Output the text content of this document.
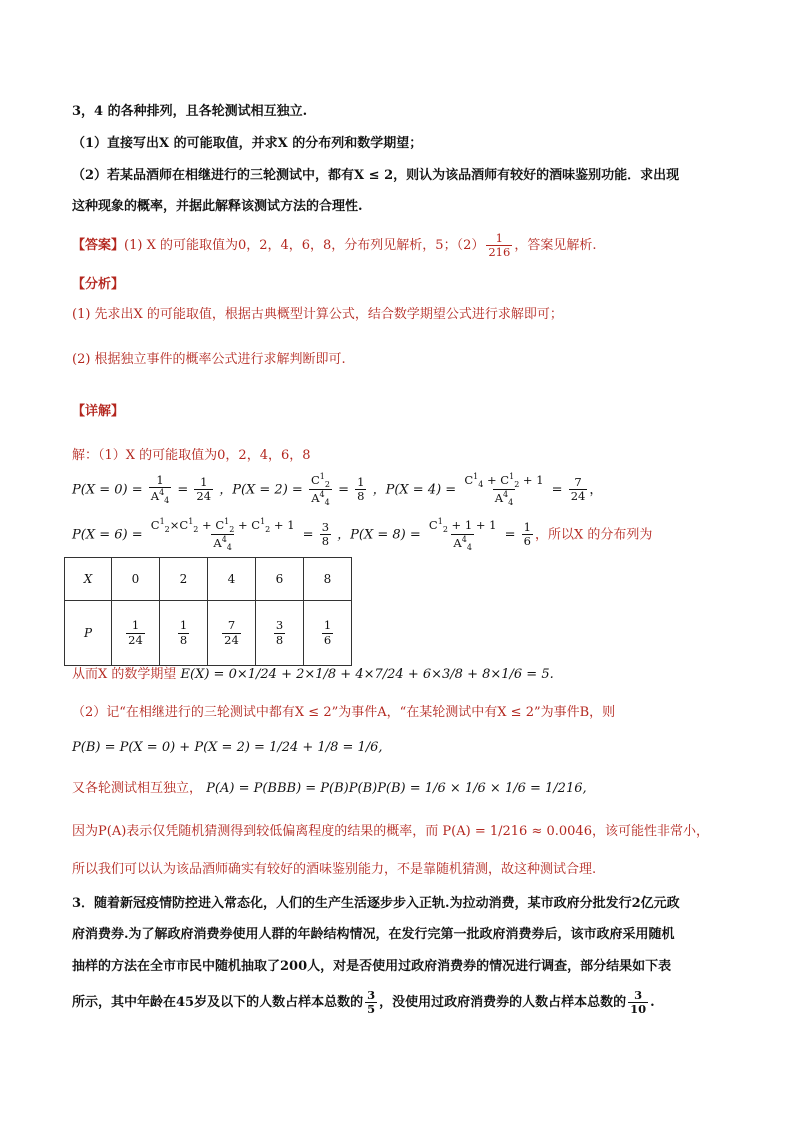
3，4 的各种排列，且各轮测试相互独立.
（1）直接写出X 的可能取值，并求X 的分布列和数学期望；
（2）若某品酒师在相继进行的三轮测试中，都有X ≤ 2，则认为该品酒师有较好的酒味鉴别功能．求出现
这种现象的概率，并据此解释该测试方法的合理性.
【答案】(1) X 的可能取值为0，2，4，6，8，分布列见解析，5；$(2) \frac{1}{216}$ ，答案见解析.
【分析】
(1) 先求出X 的可能取值，根据古典概型计算公式，结合数学期望公式进行求解即可；
(2) 根据独立事件的概率公式进行求解判断即可.
【详解】
解：（1）X 的可能取值为0，2，4，6，8
$P(X = 0) = \frac{1}{A^4_4} = \frac{1}{24}$ ，$P(X = 2) = \frac{C^1_2}{A^4_4} = \frac{1}{8}$ ，$P(X = 4) = \frac{C^1_4 + C^1_2 + 1}{A^4_4} = \frac{7}{24}$ ，
$P(X = 6) = \frac{C^1_2\times C^1_2 + C^1_2 + C^1_2 + 1}{A^4_4} = \frac{3}{8}$ ，$P(X = 8) = \frac{C^1_2 + 1 + 1}{A^4_4} = \frac{1}{6}$ ，所以X 的分布列为
X	0	2	4	6	8
P	$\frac{1}{24}$	$\frac{1}{8}$	$\frac{7}{24}$	$\frac{3}{8}$	$\frac{1}{6}$
从而X 的数学期望 E(X) = 0×1/24 + 2×1/8 + 4×7/24 + 6×3/8 + 8×1/6 = 5.
（2）记“在相继进行的三轮测试中都有X ≤ 2”为事件A，“在某轮测试中有X ≤ 2”为事件B，则
P(B) = P(X = 0) + P(X = 2) = 1/24 + 1/8 = 1/6,
又各轮测试相互独立， P(A) = P(BBB) = P(B)P(B)P(B) = 1/6 × 1/6 × 1/6 = 1/216,
因为P(A)表示仅凭随机猜测得到较低偏离程度的结果的概率，而 P(A) = 1/216 ≈ 0.0046，该可能性非常小，
所以我们可以认为该品酒师确实有较好的酒味鉴别能力，不是靠随机猜测，故这种测试合理.
3．随着新冠疫情防控进入常态化，人们的生产生活逐步步入正轨.为拉动消费，某市政府分批发行2亿元政
府消费券.为了解政府消费券使用人群的年龄结构情况，在发行完第一批政府消费券后，该市政府采用随机
抽样的方法在全市市民中随机抽取了200人，对是否使用过政府消费券的情况进行调查，部分结果如下表
所示，其中年龄在45岁及以下的人数占样本总数的 $\frac{3}{5}$ ，没使用过政府消费券的人数占样本总数的 $\frac{3}{10}$ .
